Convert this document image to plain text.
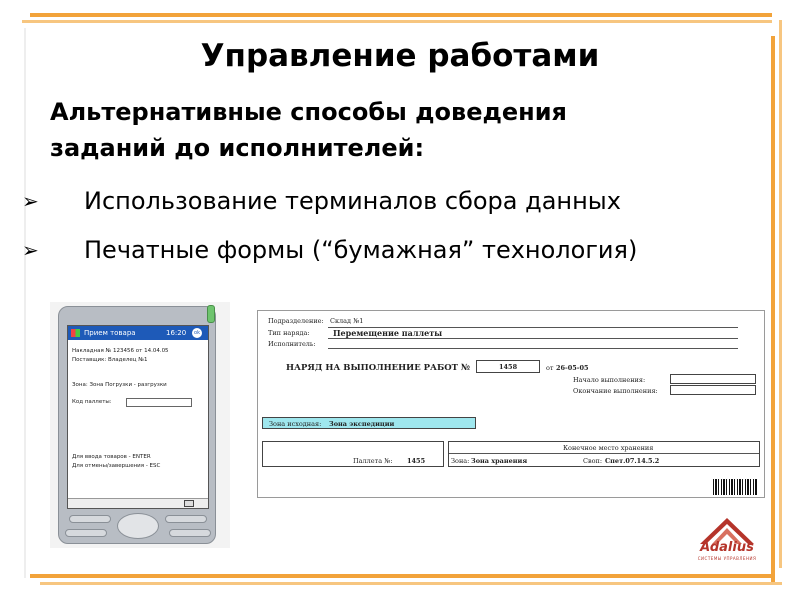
Управление работами
Альтернативные способы доведения заданий до исполнителей:
➢ Использование терминалов сбора данных
➢ Печатные формы (“бумажная” технология)
Прием товара	16:20	ok
Накладная № 123456 от 14.04.05
Поставщик: Владелец №1
Зона: Зона Погрузки - разгрузки
Код паллеты:
Для ввода товаров - ENTER
Для отмены/завершения - ESC
Подразделение: Склад №1
Тип наряда:	Перемещение паллеты
Исполнитель:
НАРЯД НА ВЫПОЛНЕНИЕ РАБОТ №	1458	от 26-05-05
Начало выполнения:
Окончание выполнения:
Зона исходная: Зона экспедиции
Паллета №: 1455
Конечное место хранения
Зона: Зона хранения	Своп: Спет.07.14.5.2
Adalius
СИСТЕМЫ УПРАВЛЕНИЯ
